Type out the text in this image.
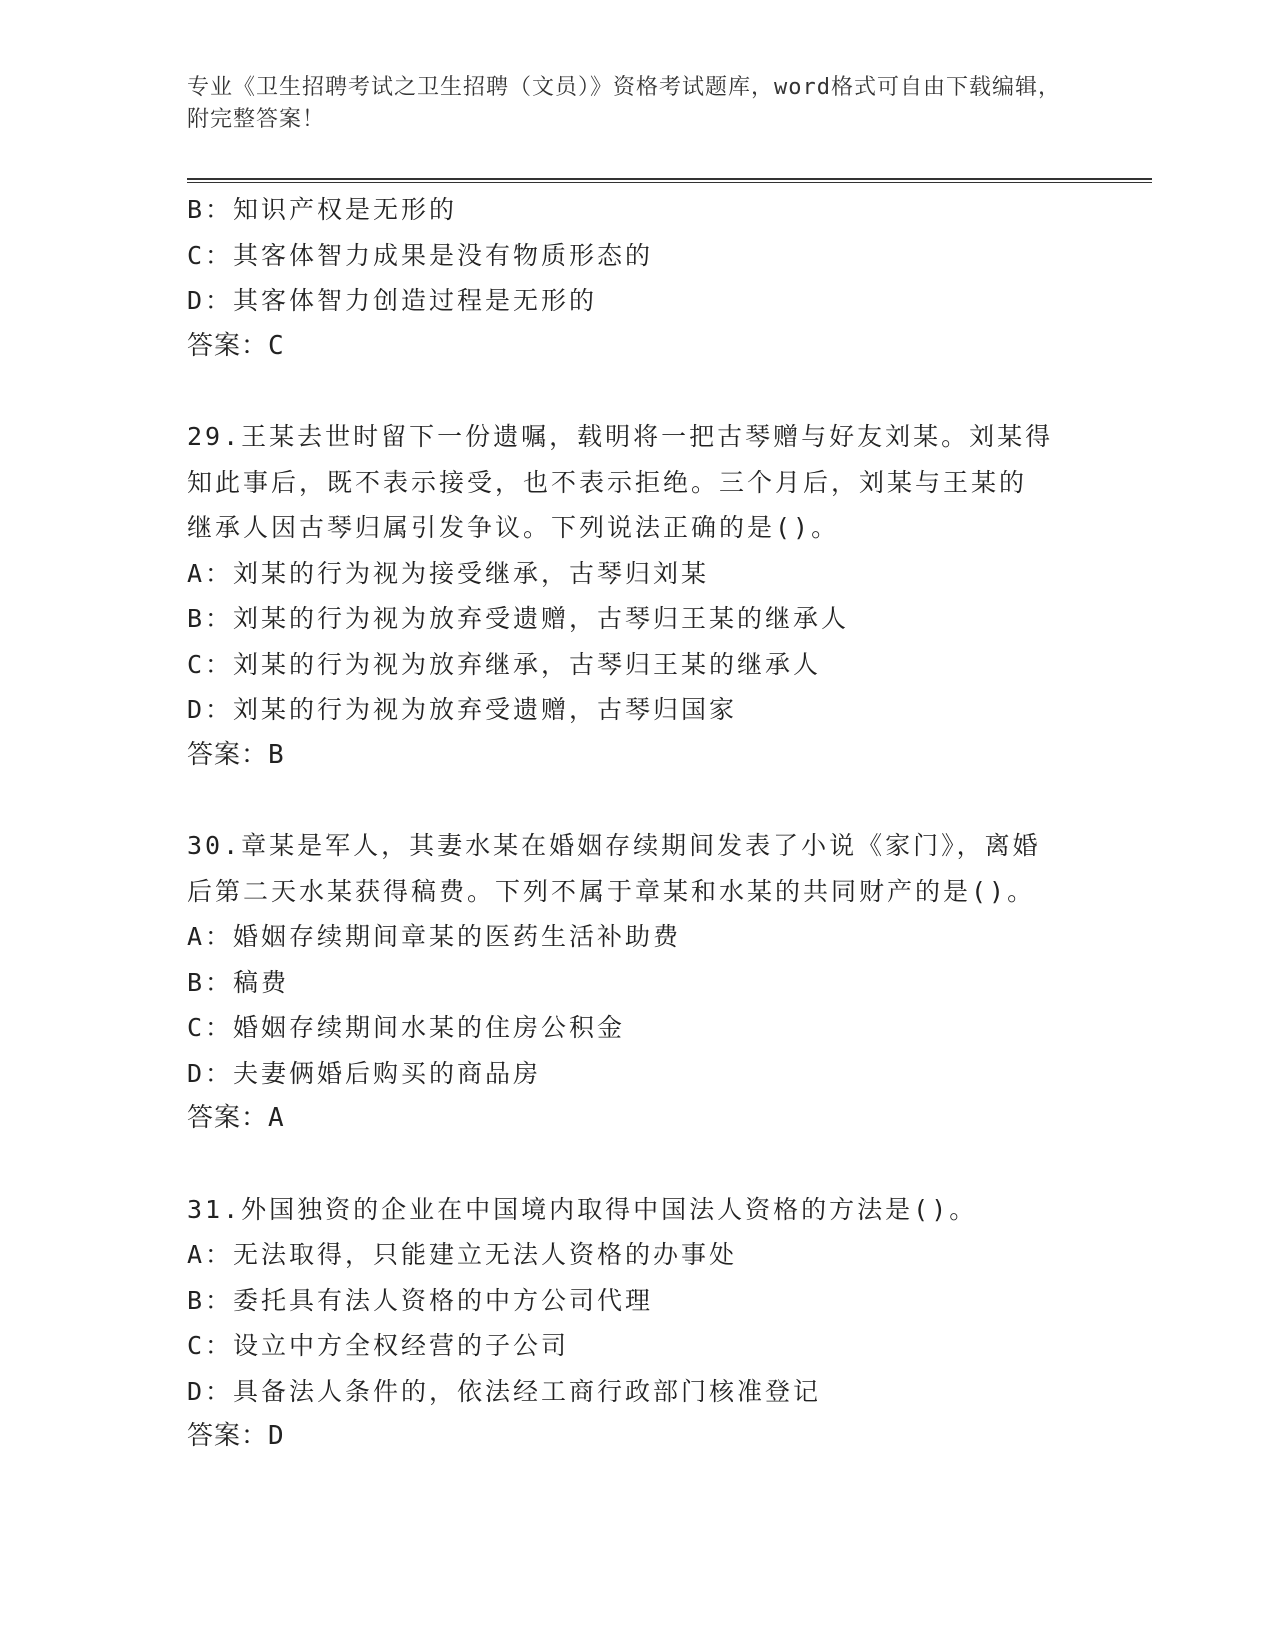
专业《卫生招聘考试之卫生招聘（文员）》资格考试题库，word格式可自由下载编辑，附完整答案！
B：知识产权是无形的
C：其客体智力成果是没有物质形态的
D：其客体智力创造过程是无形的
答案：C
29.王某去世时留下一份遗嘱，载明将一把古琴赠与好友刘某。刘某得
知此事后，既不表示接受，也不表示拒绝。三个月后，刘某与王某的
继承人因古琴归属引发争议。下列说法正确的是()。
A：刘某的行为视为接受继承，古琴归刘某
B：刘某的行为视为放弃受遗赠，古琴归王某的继承人
C：刘某的行为视为放弃继承，古琴归王某的继承人
D：刘某的行为视为放弃受遗赠，古琴归国家
答案：B
30.章某是军人，其妻水某在婚姻存续期间发表了小说《家门》，离婚
后第二天水某获得稿费。下列不属于章某和水某的共同财产的是()。
A：婚姻存续期间章某的医药生活补助费
B：稿费
C：婚姻存续期间水某的住房公积金
D：夫妻俩婚后购买的商品房
答案：A
31.外国独资的企业在中国境内取得中国法人资格的方法是()。
A：无法取得，只能建立无法人资格的办事处
B：委托具有法人资格的中方公司代理
C：设立中方全权经营的子公司
D：具备法人条件的，依法经工商行政部门核准登记
答案：D
